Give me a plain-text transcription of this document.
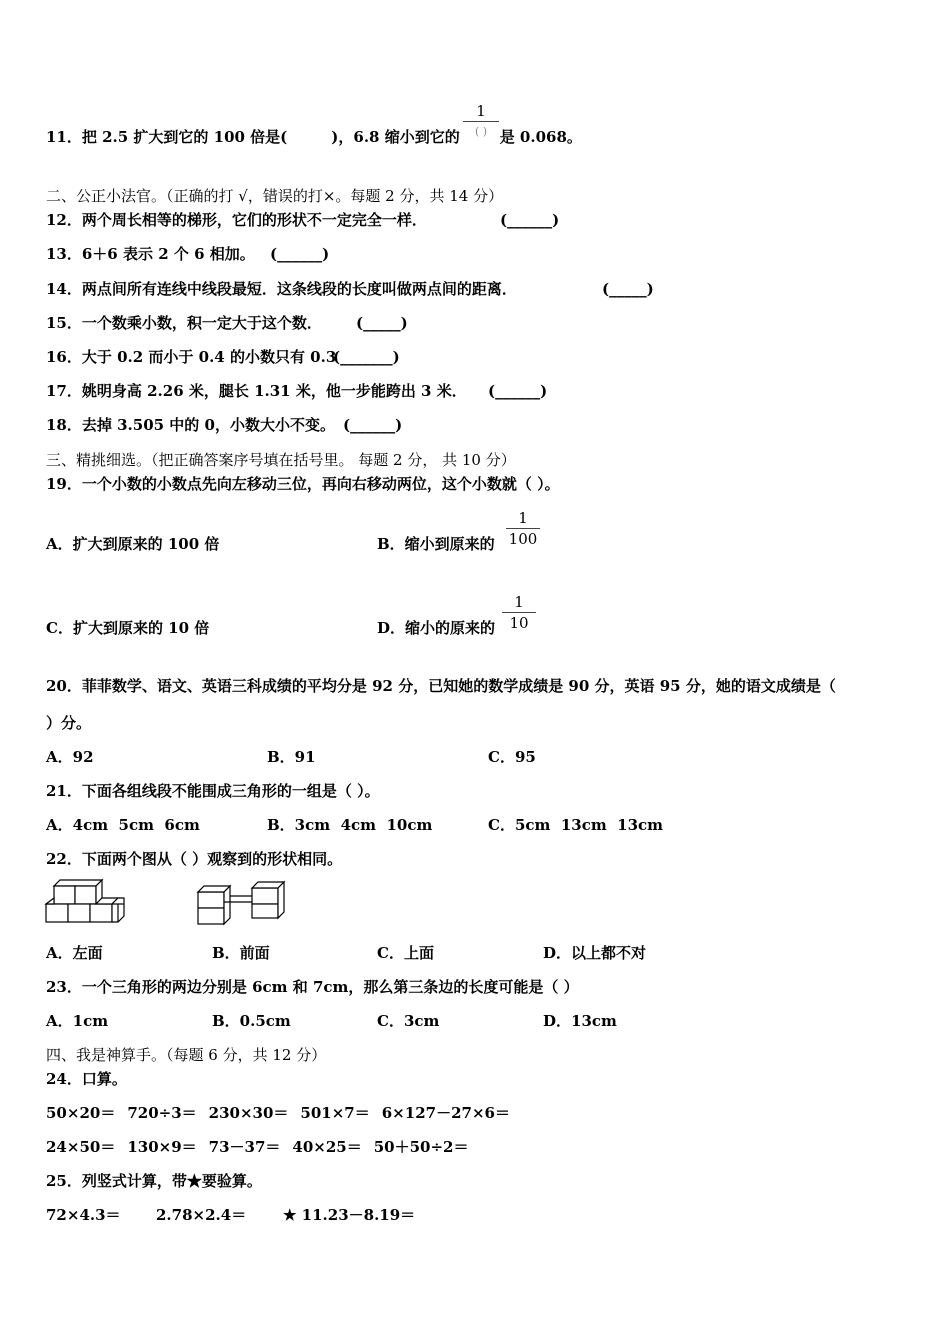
11．把 2.5 扩大到它的 100 倍是(	)，6.8 缩小到它的	是 0.068。
1
( )
二、公正小法官。（正确的打 √，错误的打×。每题 2 分，共 14 分）
12．两个周长相等的梯形，它们的形状不一定完全一样．	(______)
13．6＋6 表示 2 个 6 相加。 (______)
14．两点间所有连线中线段最短．这条线段的长度叫做两点间的距离．	(_____)
15．一个数乘小数，积一定大于这个数． (_____)
16．大于 0.2 而小于 0.4 的小数只有 0.3
(_______)
17．姚明身高 2.26 米，腿长 1.31 米，他一步能跨出 3 米． (______)
18．去掉 3.505 中的 0，小数大小不变。 (______)
三、精挑细选。（把正确答案序号填在括号里。 每题 2 分， 共 10 分）
19．一个小数的小数点先向左移动三位，再向右移动两位，这个小数就（ ）。
A．扩大到原来的 100 倍	B．缩小到原来的
1
100
C．扩大到原来的 10 倍	D．缩小的原来的
1
10
20．菲菲数学、语文、英语三科成绩的平均分是 92 分，已知她的数学成绩是 90 分，英语 95 分，她的语文成绩是（
）分。
A．92	B．91	C．95
21．下面各组线段不能围成三角形的一组是（ ）。
A．4cm  5cm  6cm	B．3cm  4cm  10cm	C．5cm  13cm  13cm
22．下面两个图从（ ）观察到的形状相同。
A．左面	B．前面	C．上面	D．以上都不对
23．一个三角形的两边分别是 6cm 和 7cm，那么第三条边的长度可能是（ ）
A．1cm	B．0.5cm	C．3cm	D．13cm
四、我是神算手。（每题 6 分，共 12 分）
24．口算。
50×20＝ 720÷3＝ 230×30＝ 501×7＝ 6×127－27×6＝
24×50＝ 130×9＝ 73－37＝ 40×25＝ 50＋50÷2＝
25．列竖式计算，带★要验算。
72×4.3＝ 2.78×2.4＝ ★ 11.23－8.19＝
